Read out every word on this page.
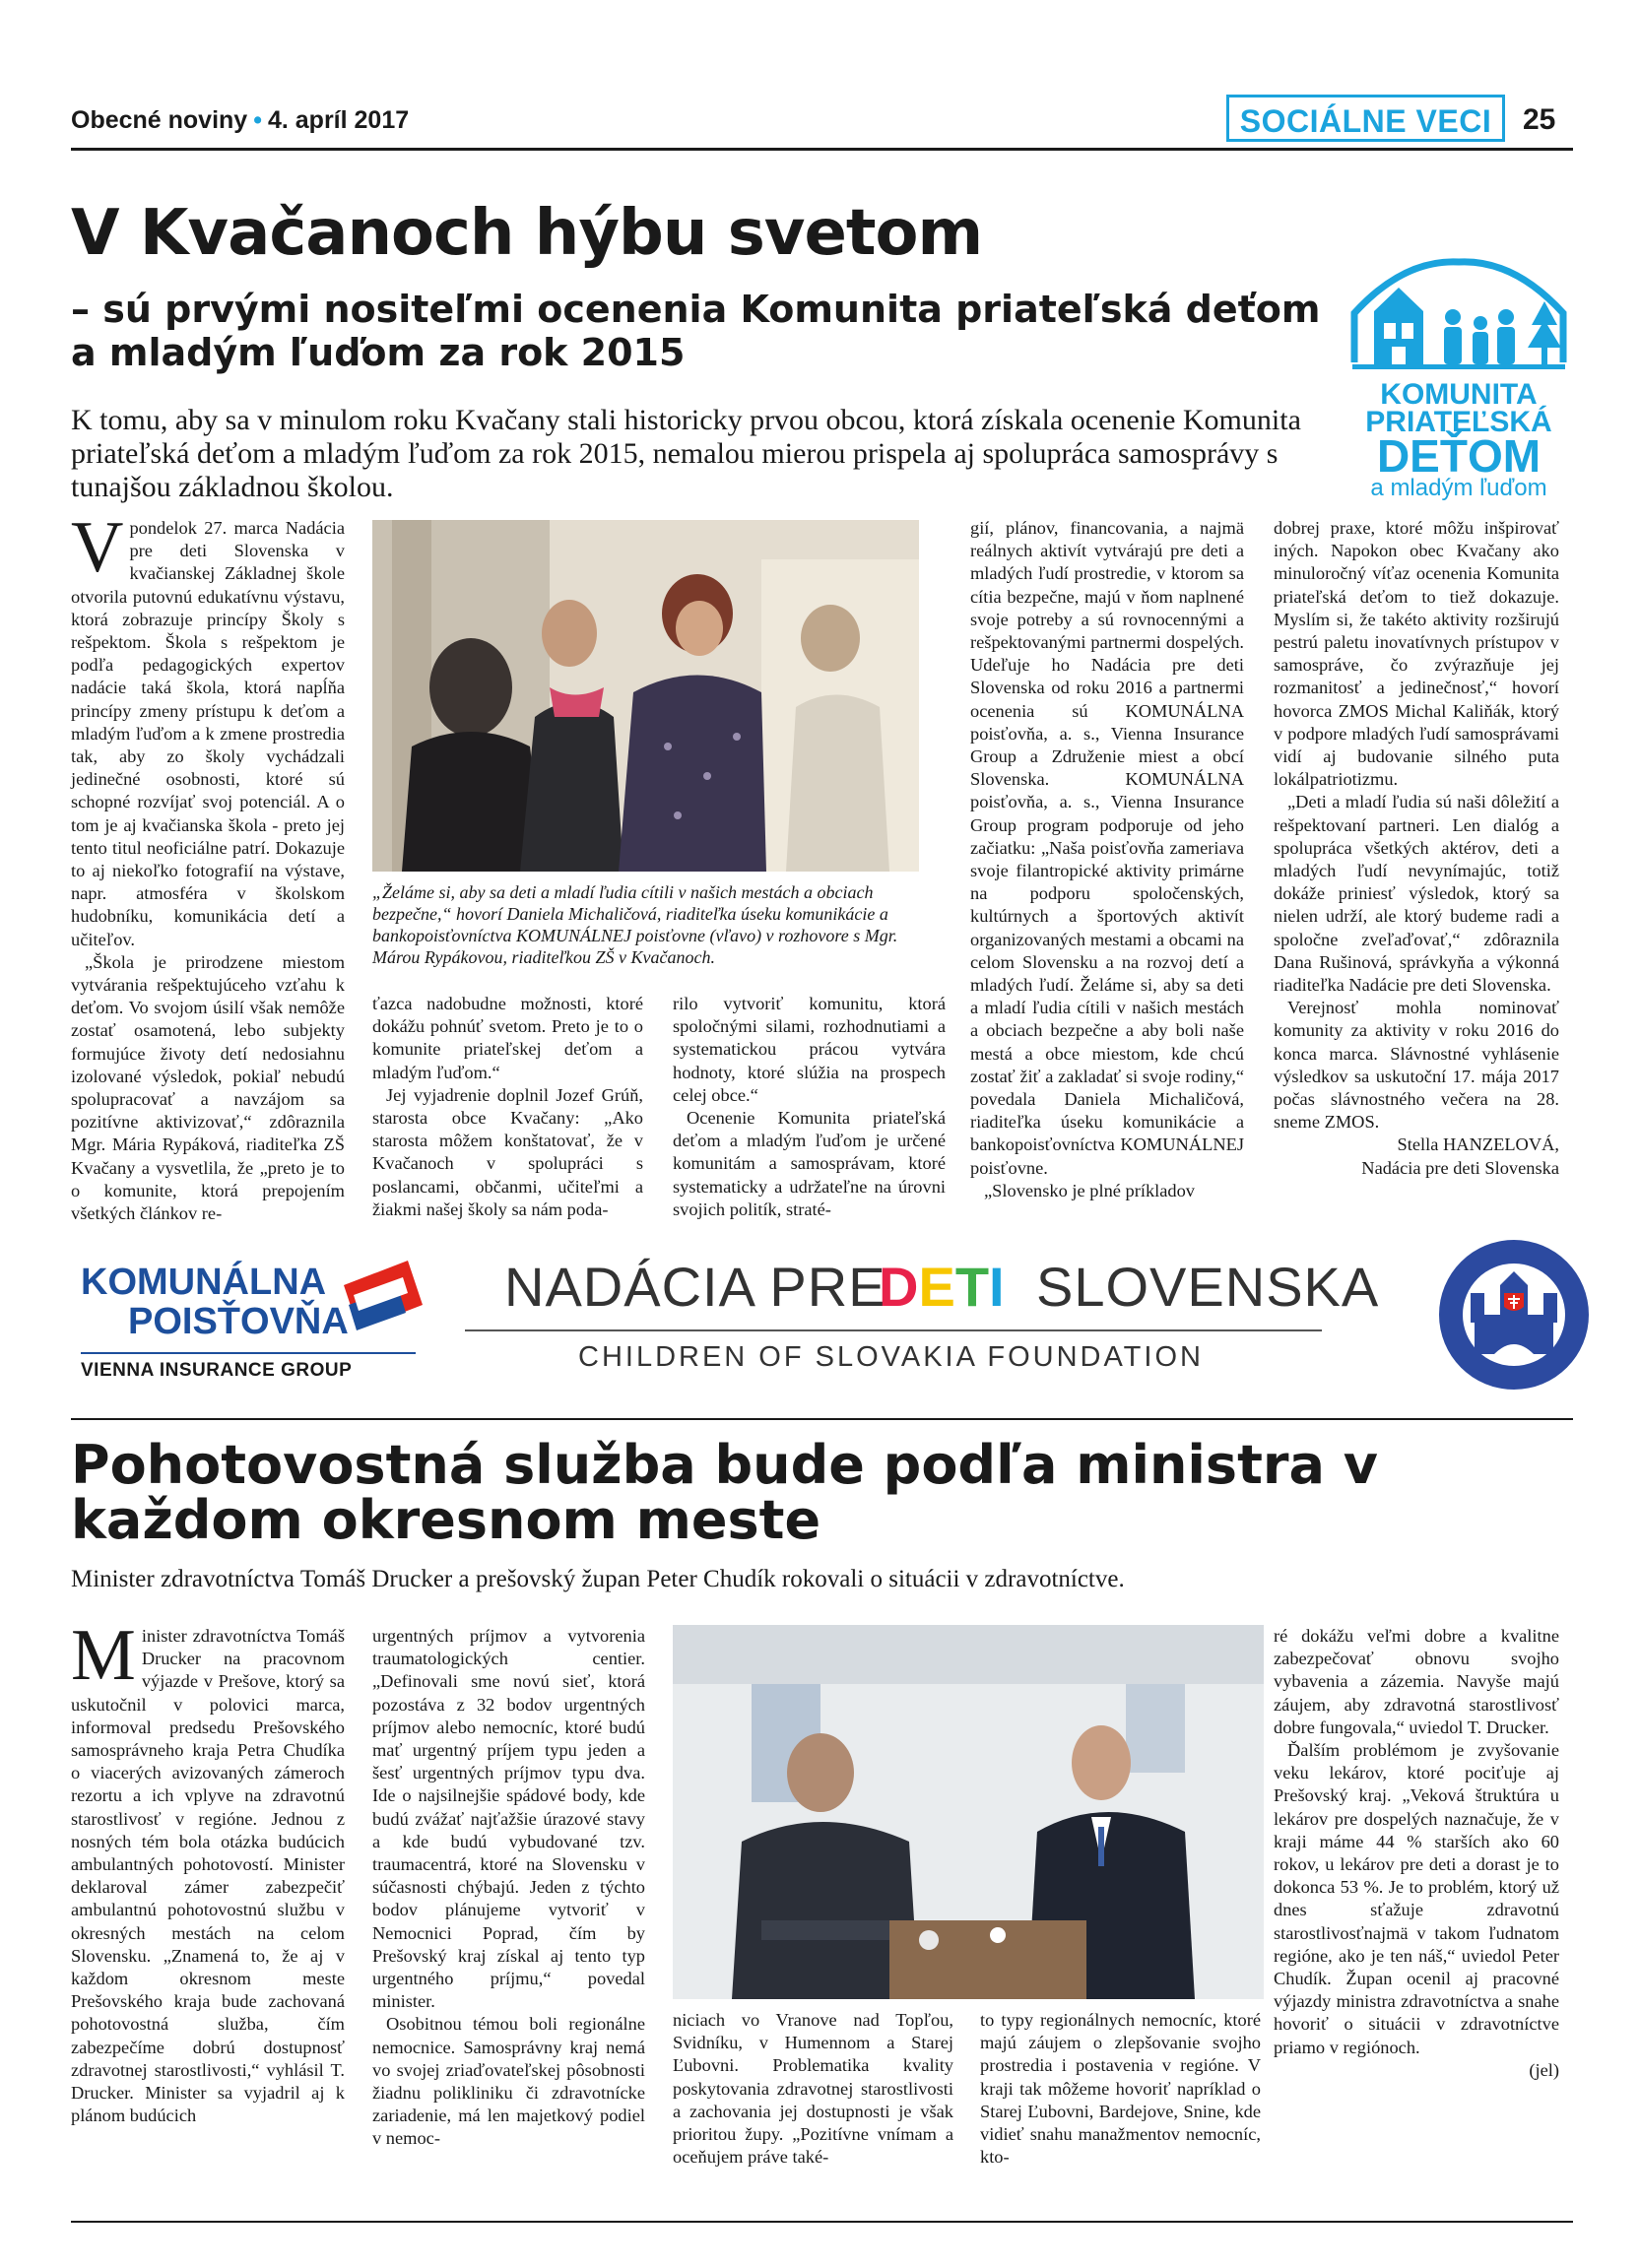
Obecné noviny • 4. apríl 2017	SOCIÁLNE VECI	25
V Kvačanoch hýbu svetom
– sú prvými nositeľmi ocenenia Komunita priateľská deťom a mladým ľuďom za rok 2015
K tomu, aby sa v minulom roku Kvačany stali historicky prvou obcou, ktorá získala ocenenie Komunita priateľská deťom a mladým ľuďom za rok 2015, nemalou mierou prispela aj spolupráca samosprávy s tunajšou základnou školou.
KOMUNITA
PRIATEĽSKÁ
DEŤOM
a mladým ľuďom

Vpondelok 27. marca Nadácia pre deti Slovenska v kvačianskej Základnej škole otvorila putovnú edukatívnu výstavu, ktorá zobrazuje princípy Školy s rešpektom. Škola s rešpektom je podľa pedagogických expertov nadácie taká škola, ktorá napĺňa princípy zmeny prístupu k deťom a mladým ľuďom a k zmene prostredia tak, aby zo školy vychádzali jedinečné osobnosti, ktoré sú schopné rozvíjať svoj potenciál. A o tom je aj kvačianska škola - preto jej tento titul neoficiálne patrí. Dokazuje to aj niekoľko fotografií na výstave, napr. atmosféra v školskom hudobníku, komunikácia detí a učiteľov.

„Škola je prirodzene miestom vytvárania rešpektujúceho vzťahu k deťom. Vo svojom úsilí však nemôže zostať osamotená, lebo subjekty formujúce životy detí nedosiahnu izolované výsledok, pokiaľ nebudú spolupracovať a navzájom sa pozitívne aktivizovať,“ zdôraznila Mgr. Mária Rypáková, riaditeľka ZŠ Kvačany a vysvetlila, že „preto je to o komunite, ktorá prepojením všetkých článkov re-

„Želáme si, aby sa deti a mladí ľudia cítili v našich mestách a obciach bezpečne,“ hovorí Daniela Michaličová, riaditeľka úseku komunikácie a bankopoisťovníctva KOMUNÁLNEJ poisťovne (vľavo) v rozhovore s Mgr. Márou Rypákovou, riaditeľkou ZŠ v Kvačanoch.

ťazca nadobudne možnosti, ktoré dokážu pohnúť svetom. Preto je to o komunite priateľskej deťom a mladým ľuďom.“

Jej vyjadrenie doplnil Jozef Grúň, starosta obce Kvačany: „Ako starosta môžem konštatovať, že v Kvačanoch v spolupráci s poslancami, občanmi, učiteľmi a žiakmi našej školy sa nám poda-

rilo vytvoriť komunitu, ktorá spoločnými silami, rozhodnutiami a systematickou prácou vytvára hodnoty, ktoré slúžia na prospech celej obce.“

Ocenenie Komunita priateľská deťom a mladým ľuďom je určené komunitám a samosprávam, ktoré systematicky a udržateľne na úrovni svojich politík, straté-

gií, plánov, financovania, a najmä reálnych aktivít vytvárajú pre deti a mladých ľudí prostredie, v ktorom sa cítia bezpečne, majú v ňom naplnené svoje potreby a sú rovnocennými a rešpektovanými partnermi dospelých. Udeľuje ho Nadácia pre deti Slovenska od roku 2016 a partnermi ocenenia sú KOMUNÁLNA poisťovňa, a. s., Vienna Insurance Group a Združenie miest a obcí Slovenska. KOMUNÁLNA poisťovňa, a. s., Vienna Insurance Group program podporuje od jeho začiatku: „Naša poisťovňa zameriava svoje filantropické aktivity primárne na podporu spoločenských, kultúrnych a športových aktivít organizovaných mestami a obcami na celom Slovensku a na rozvoj detí a mladých ľudí. Želáme si, aby sa deti a mladí ľudia cítili v našich mestách a obciach bezpečne a aby boli naše mestá a obce miestom, kde chcú zostať žiť a zakladať si svoje rodiny,“ povedala Daniela Michaličová, riaditeľka úseku komunikácie a bankopoisťovníctva KOMUNÁLNEJ poisťovne.

„Slovensko je plné príkladov

dobrej praxe, ktoré môžu inšpirovať iných. Napokon obec Kvačany ako minuloročný víťaz ocenenia Komunita priateľská deťom to tiež dokazuje. Myslím si, že takéto aktivity rozširujú pestrú paletu inovatívnych prístupov v samospráve, čo zvýrazňuje jej rozmanitosť a jedinečnosť,“ hovorí hovorca ZMOS Michal Kaliňák, ktorý v podpore mladých ľudí samosprávami vidí aj budovanie silného puta lokálpatriotizmu.

„Deti a mladí ľudia sú naši dôležití a rešpektovaní partneri. Len dialóg a spolupráca všetkých aktérov, deti a mladých ľudí nevynímajúc, totiž dokáže priniesť výsledok, ktorý sa nielen udrží, ale ktorý budeme radi a spoločne zveľaďovať,“ zdôraznila Dana Rušinová, správkyňa a výkonná riaditeľka Nadácie pre deti Slovenska.

Verejnosť mohla nominovať komunity za aktivity v roku 2016 do konca marca. Slávnostné vyhlásenie výsledkov sa uskutoční 17. mája 2017 počas slávnostného večera na 28. sneme ZMOS.

Stella HANZELOVÁ,
Nadácia pre deti Slovenska
KOMUNÁLNA
POISŤOVŇA
VIENNA INSURANCE GROUP
NADÁCIA PRE
DETI SLOVENSKA
CHILDREN OF SLOVAKIA FOUNDATION
Pohotovostná služba bude podľa ministra v každom okresnom meste
Minister zdravotníctva Tomáš Drucker a prešovský župan Peter Chudík rokovali o situácii v zdravotníctve.

Minister zdravotníctva Tomáš Drucker na pracovnom výjazde v Prešove, ktorý sa uskutočnil v polovici marca, informoval predsedu Prešovského samosprávneho kraja Petra Chudíka o viacerých avizovaných zámeroch rezortu a ich vplyve na zdravotnú starostlivosť v regióne. Jednou z nosných tém bola otázka budúcich ambulantných pohotovostí. Minister deklaroval zámer zabezpečiť ambulantnú pohotovostnú službu v okresných mestách na celom Slovensku. „Znamená to, že aj v každom okresnom meste Prešovského kraja bude zachovaná pohotovostná služba, čím zabezpečíme dobrú dostupnosť zdravotnej starostlivosti,“ vyhlásil T. Drucker. Minister sa vyjadril aj k plánom budúcich

urgentných príjmov a vytvorenia traumatologických centier. „Definovali sme novú sieť, ktorá pozostáva z 32 bodov urgentných príjmov alebo nemocníc, ktoré budú mať urgentný príjem typu jeden a šesť urgentných príjmov typu dva. Ide o najsilnejšie spádové body, kde budú zvážať najťažšie úrazové stavy a kde budú vybudované tzv. traumacentrá, ktoré na Slovensku v súčasnosti chýbajú. Jeden z týchto bodov plánujeme vytvoriť v Nemocnici Poprad, čím by Prešovský kraj získal aj tento typ urgentného príjmu,“ povedal minister.

Osobitnou témou boli regionálne nemocnice. Samosprávny kraj nemá vo svojej zriaďovateľskej pôsobnosti žiadnu polikliniku či zdravotnícke zariadenie, má len majetkový podiel v nemoc-

niciach vo Vranove nad Topľou, Svidníku, v Humennom a Starej Ľubovni. Problematika kvality poskytovania zdravotnej starostlivosti a zachovania jej dostupnosti je však prioritou župy. „Pozitívne vnímam a oceňujem práve také-

to typy regionálnych nemocníc, ktoré majú záujem o zlepšovanie svojho prostredia i postavenia v regióne. V kraji tak môžeme hovoriť napríklad o Starej Ľubovni, Bardejove, Snine, kde vidieť snahu manažmentov nemocníc, kto-

ré dokážu veľmi dobre a kvalitne zabezpečovať obnovu svojho vybavenia a zázemia. Navyše majú záujem, aby zdravotná starostlivosť dobre fungovala,“ uviedol T. Drucker.

Ďalším problémom je zvyšovanie veku lekárov, ktoré pociťuje aj Prešovský kraj. „Veková štruktúra u lekárov pre dospelých naznačuje, že v kraji máme 44 % starších ako 60 rokov, u lekárov pre deti a dorast je to dokonca 53 %. Je to problém, ktorý už dnes sťažuje zdravotnú starostlivosťnajmä v takom ľudnatom regióne, ako je ten náš,“ uviedol Peter Chudík. Župan ocenil aj pracovné výjazdy ministra zdravotníctva a snahe hovoriť o situácii v zdravotníctve priamo v regiónoch.

(jel)
